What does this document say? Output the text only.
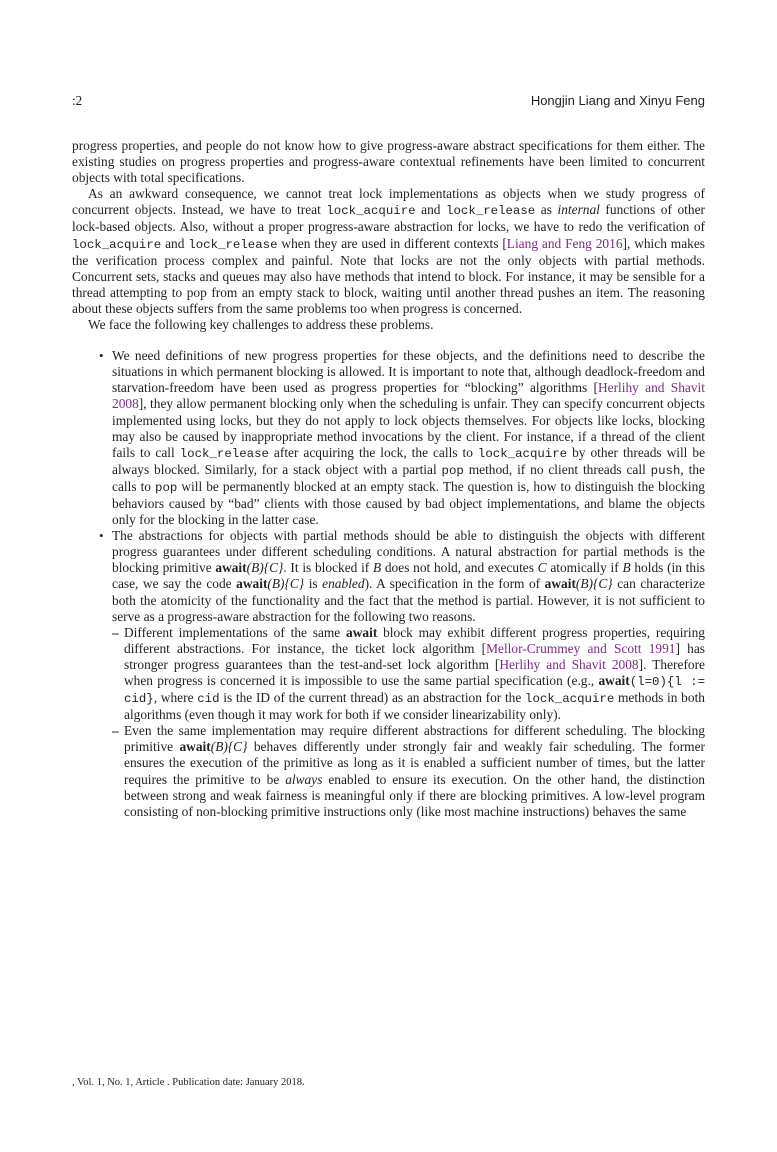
:2	Hongjin Liang and Xinyu Feng

progress properties, and people do not know how to give progress-aware abstract specifications for them either. The existing studies on progress properties and progress-aware contextual refinements have been limited to concurrent objects with total specifications.

As an awkward consequence, we cannot treat lock implementations as objects when we study progress of concurrent objects. Instead, we have to treat lock_acquire and lock_release as internal functions of other lock-based objects. Also, without a proper progress-aware abstraction for locks, we have to redo the verification of lock_acquire and lock_release when they are used in different contexts [Liang and Feng 2016], which makes the verification process complex and painful. Note that locks are not the only objects with partial methods. Concurrent sets, stacks and queues may also have methods that intend to block. For instance, it may be sensible for a thread attempting to pop from an empty stack to block, waiting until another thread pushes an item. The reasoning about these objects suffers from the same problems too when progress is concerned.

We face the following key challenges to address these problems.

• We need definitions of new progress properties for these objects, and the definitions need to describe the situations in which permanent blocking is allowed. It is important to note that, although deadlock-freedom and starvation-freedom have been used as progress properties for “blocking” algorithms [Herlihy and Shavit 2008], they allow permanent blocking only when the scheduling is unfair. They can specify concurrent objects implemented using locks, but they do not apply to lock objects themselves. For objects like locks, blocking may also be caused by inappropriate method invocations by the client. For instance, if a thread of the client fails to call lock_release after acquiring the lock, the calls to lock_acquire by other threads will be always blocked. Similarly, for a stack object with a partial pop method, if no client threads call push, the calls to pop will be permanently blocked at an empty stack. The question is, how to distinguish the blocking behaviors caused by “bad” clients with those caused by bad object implementations, and blame the objects only for the blocking in the latter case.
• The abstractions for objects with partial methods should be able to distinguish the objects with different progress guarantees under different scheduling conditions. A natural abstraction for partial methods is the blocking primitive await(B){C}. It is blocked if B does not hold, and executes C atomically if B holds (in this case, we say the code await(B){C} is enabled). A specification in the form of await(B){C} can characterize both the atomicity of the functionality and the fact that the method is partial. However, it is not sufficient to serve as a progress-aware abstraction for the following two reasons.
– Different implementations of the same await block may exhibit different progress properties, requiring different abstractions. For instance, the ticket lock algorithm [Mellor-Crummey and Scott 1991] has stronger progress guarantees than the test-and-set lock algorithm [Herlihy and Shavit 2008]. Therefore when progress is concerned it is impossible to use the same partial specification (e.g., await(l=0){l := cid}, where cid is the ID of the current thread) as an abstraction for the lock_acquire methods in both algorithms (even though it may work for both if we consider linearizability only).
– Even the same implementation may require different abstractions for different scheduling. The blocking primitive await(B){C} behaves differently under strongly fair and weakly fair scheduling. The former ensures the execution of the primitive as long as it is enabled a sufficient number of times, but the latter requires the primitive to be always enabled to ensure its execution. On the other hand, the distinction between strong and weak fairness is meaningful only if there are blocking primitives. A low-level program consisting of non-blocking primitive instructions only (like most machine instructions) behaves the same
, Vol. 1, No. 1, Article . Publication date: January 2018.
